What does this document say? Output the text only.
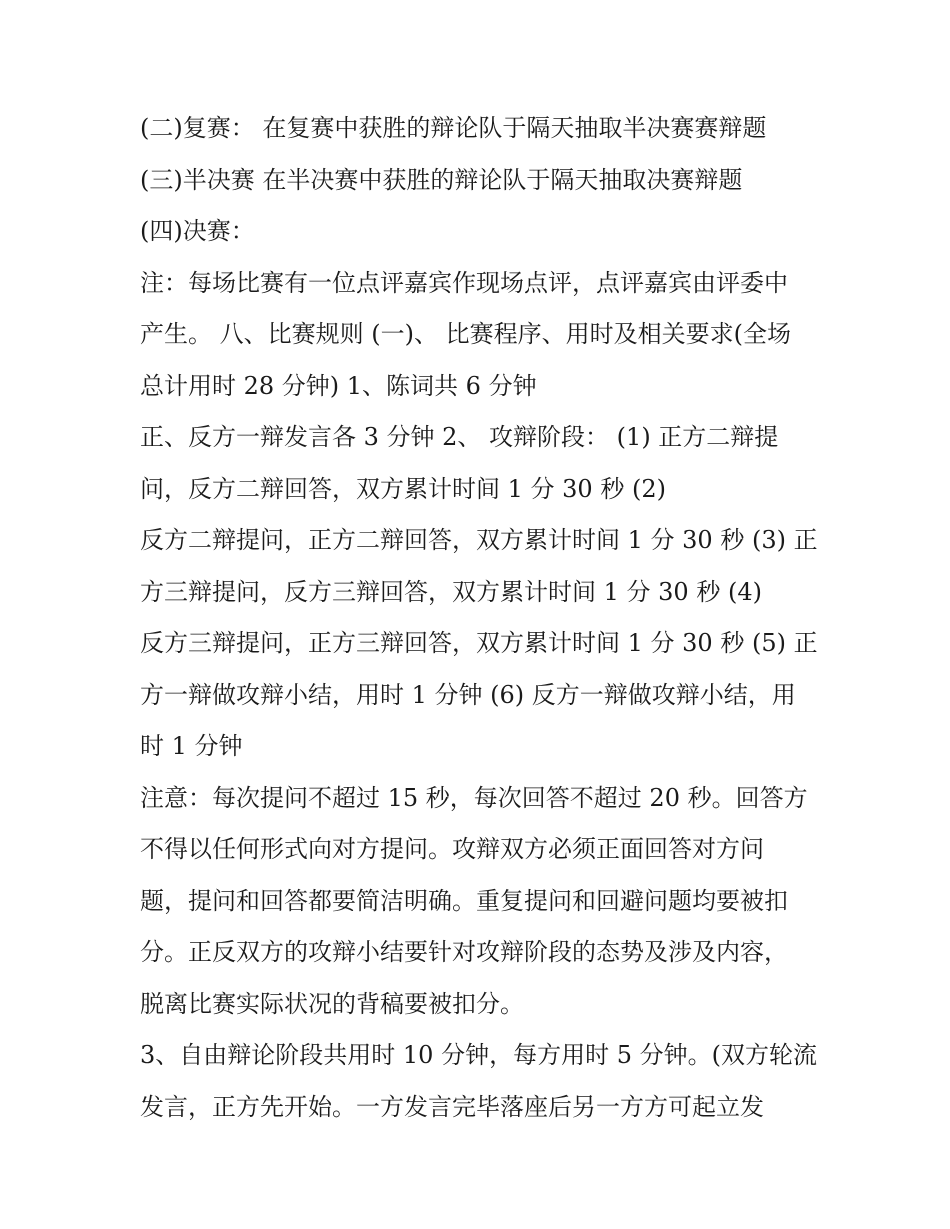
(二)复赛： 在复赛中获胜的辩论队于隔天抽取半决赛赛辩题
(三)半决赛 在半决赛中获胜的辩论队于隔天抽取决赛辩题
(四)决赛：
注：每场比赛有一位点评嘉宾作现场点评，点评嘉宾由评委中
产生。 八、比赛规则 (一)、 比赛程序、用时及相关要求(全场
总计用时 28 分钟) 1、陈词共 6 分钟
正、反方一辩发言各 3 分钟 2、 攻辩阶段： (1) 正方二辩提
问，反方二辩回答，双方累计时间 1 分 30 秒 (2)
反方二辩提问，正方二辩回答，双方累计时间 1 分 30 秒 (3) 正
方三辩提问，反方三辩回答，双方累计时间 1 分 30 秒 (4)
反方三辩提问，正方三辩回答，双方累计时间 1 分 30 秒 (5) 正
方一辩做攻辩小结，用时 1 分钟 (6) 反方一辩做攻辩小结，用
时 1 分钟
注意：每次提问不超过 15 秒，每次回答不超过 20 秒。回答方
不得以任何形式向对方提问。攻辩双方必须正面回答对方问
题，提问和回答都要简洁明确。重复提问和回避问题均要被扣
分。正反双方的攻辩小结要针对攻辩阶段的态势及涉及内容，
脱离比赛实际状况的背稿要被扣分。
3、自由辩论阶段共用时 10 分钟，每方用时 5 分钟。(双方轮流
发言，正方先开始。一方发言完毕落座后另一方方可起立发
